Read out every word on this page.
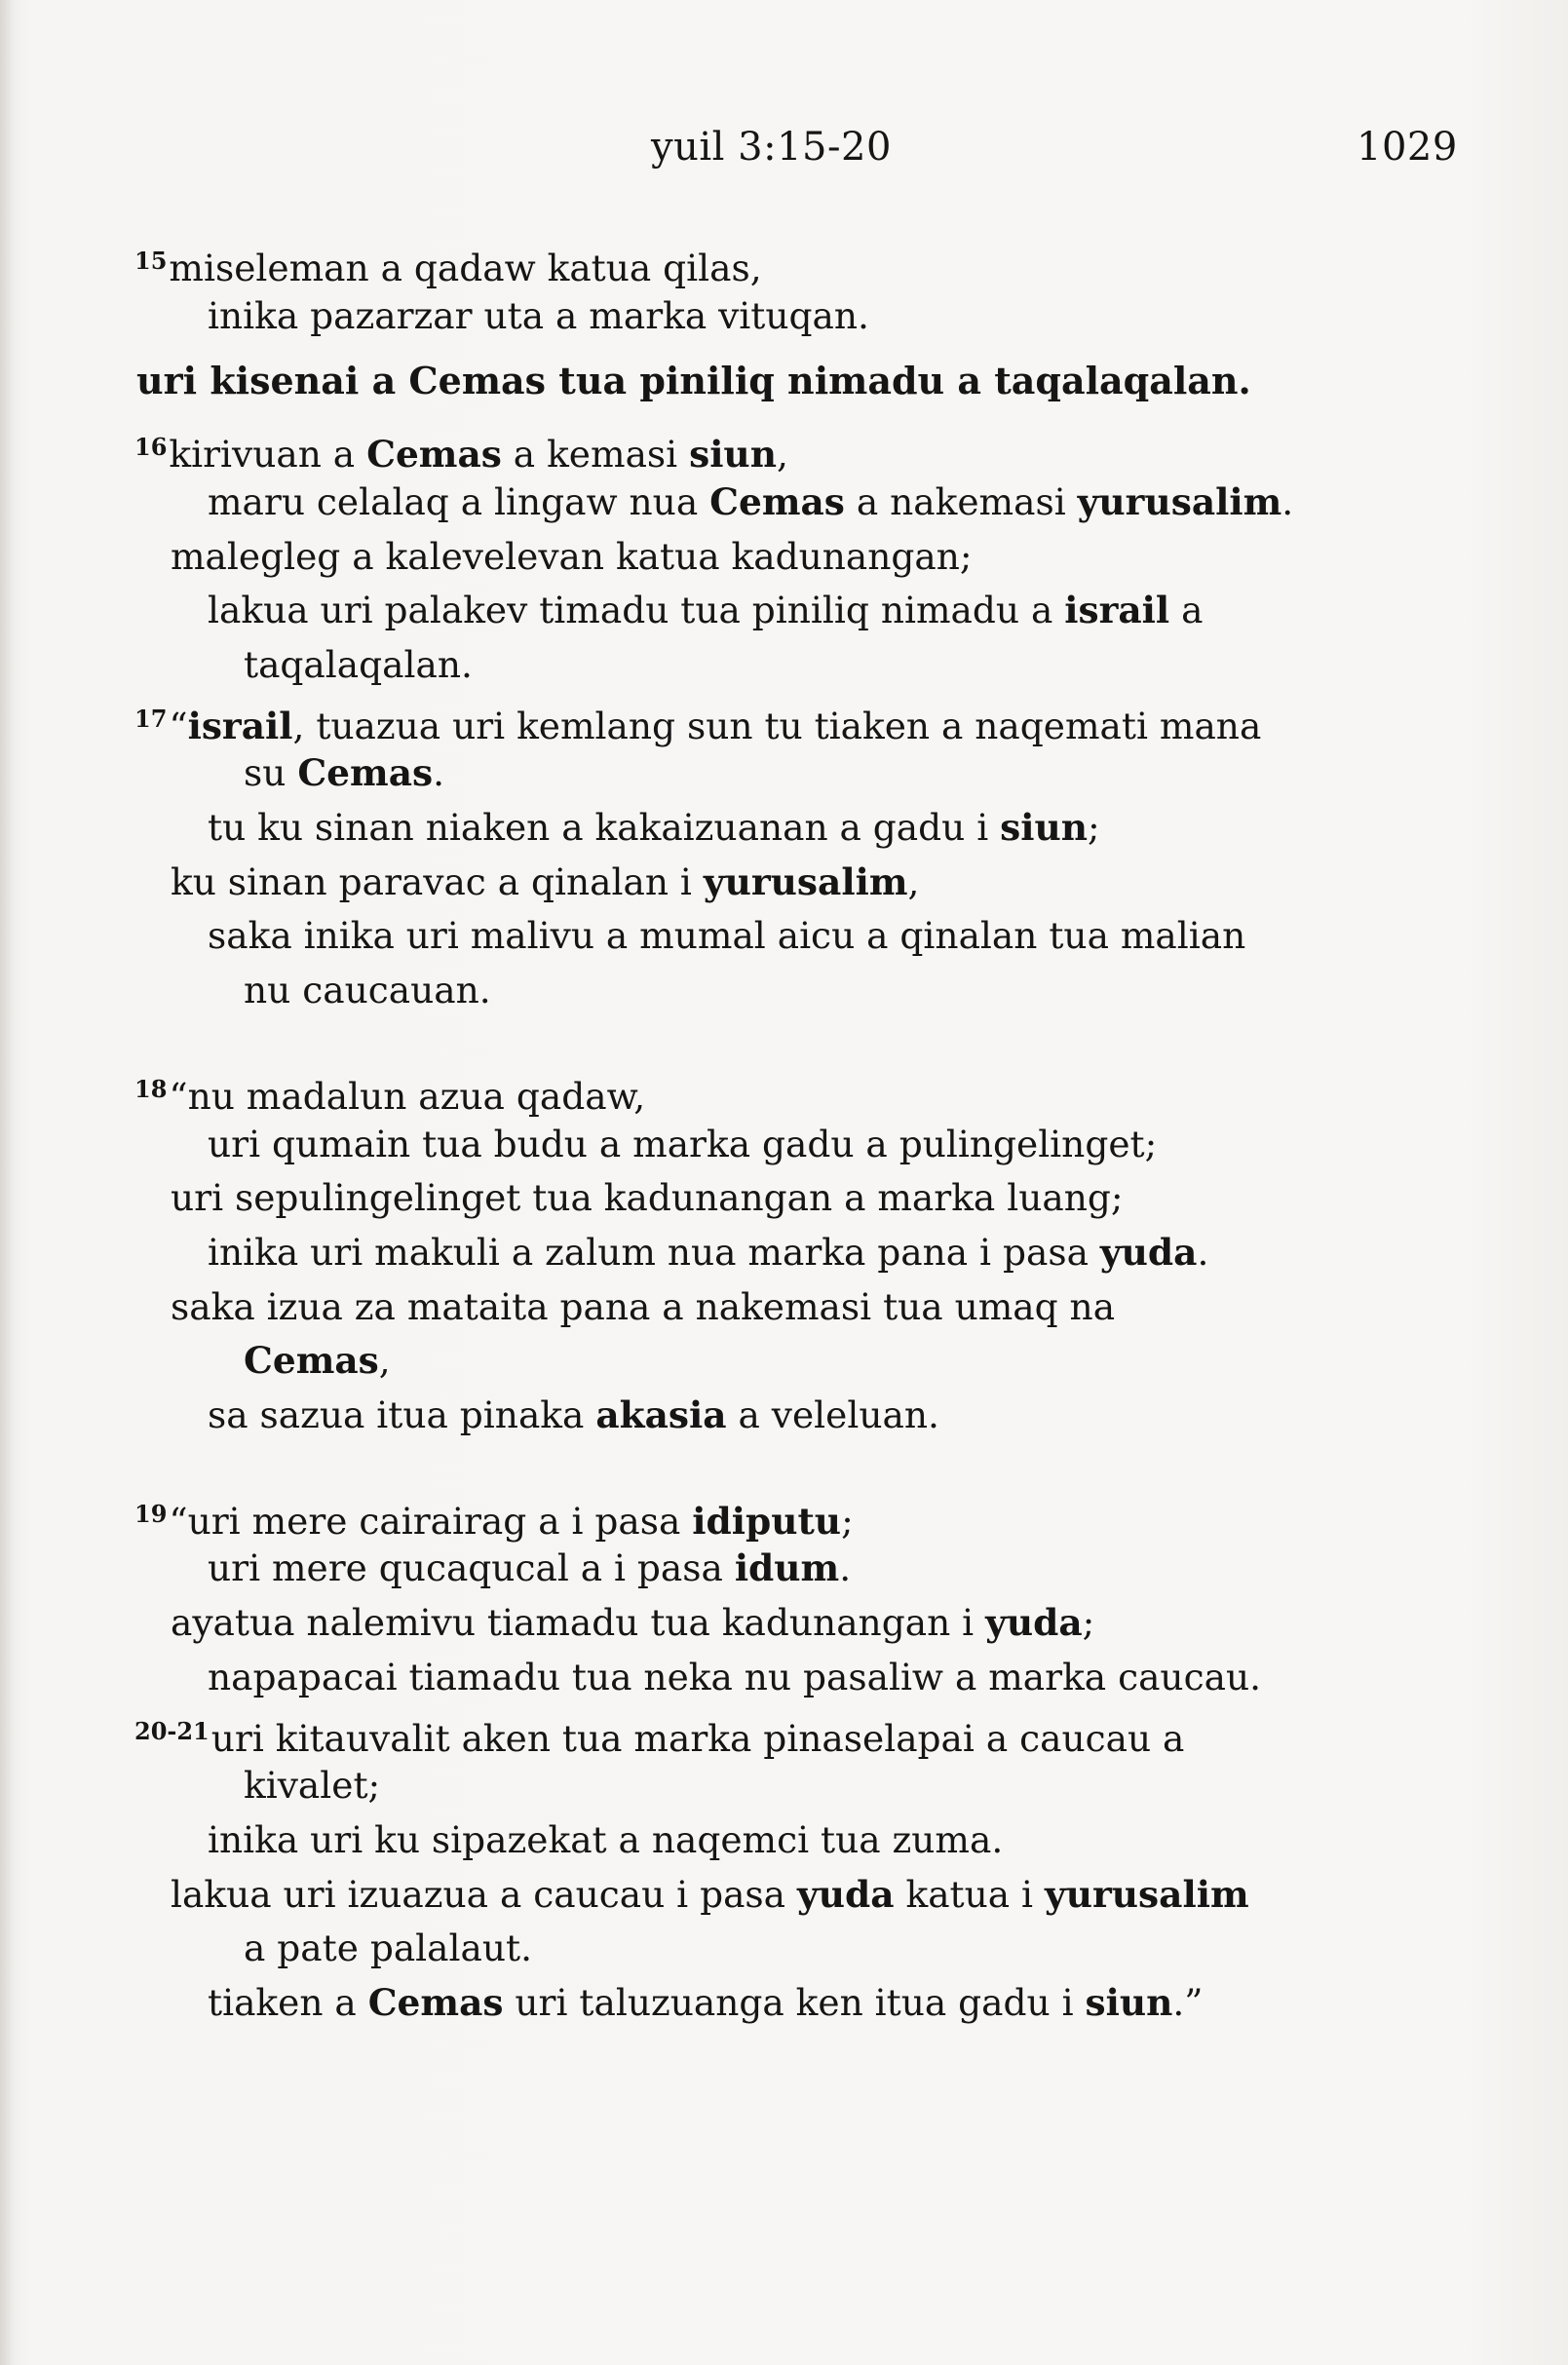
yuil 3:15-20	1029
$^{15}$miseleman a qadaw katua qilas,
inika pazarzar uta a marka vituqan.
uri kisenai a Cemas tua piniliq nimadu a taqalaqalan.
$^{16}$kirivuan a Cemas a kemasi siun,
maru celalaq a lingaw nua Cemas a nakemasi yurusalim.
malegleg a kalevelevan katua kadunangan;
lakua uri palakev timadu tua piniliq nimadu a israil a
taqalaqalan.
$^{17}$“israil, tuazua uri kemlang sun tu tiaken a naqemati mana
su Cemas.
tu ku sinan niaken a kakaizuanan a gadu i siun;
ku sinan paravac a qinalan i yurusalim,
saka inika uri malivu a mumal aicu a qinalan tua malian
nu caucauan.
$^{18}$“nu madalun azua qadaw,
uri qumain tua budu a marka gadu a pulingelinget;
uri sepulingelinget tua kadunangan a marka luang;
inika uri makuli a zalum nua marka pana i pasa yuda.
saka izua za mataita pana a nakemasi tua umaq na
Cemas,
sa sazua itua pinaka akasia a veleluan.
$^{19}$“uri mere cairairag a i pasa idiputu;
uri mere qucaqucal a i pasa idum.
ayatua nalemivu tiamadu tua kadunangan i yuda;
napapacai tiamadu tua neka nu pasaliw a marka caucau.
$^{20-21}$uri kitauvalit aken tua marka pinaselapai a caucau a
kivalet;
inika uri ku sipazekat a naqemci tua zuma.
lakua uri izuazua a caucau i pasa yuda katua i yurusalim
a pate palalaut.
tiaken a Cemas uri taluzuanga ken itua gadu i siun.”
